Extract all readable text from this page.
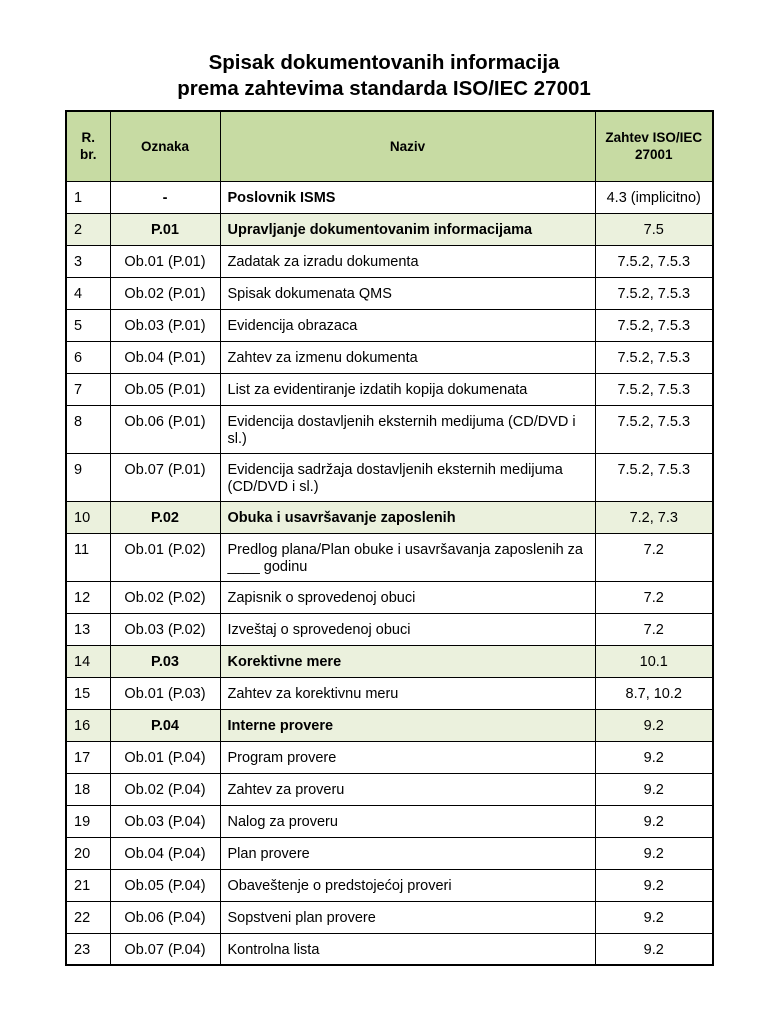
Spisak dokumentovanih informacija
prema zahtevima standarda ISO/IEC 27001
R. br.	Oznaka	Naziv	Zahtev ISO/IEC 27001
1	-	Poslovnik ISMS	4.3 (implicitno)
2	P.01	Upravljanje dokumentovanim informacijama	7.5
3	Ob.01 (P.01)	Zadatak za izradu dokumenta	7.5.2, 7.5.3
4	Ob.02 (P.01)	Spisak dokumenata QMS	7.5.2, 7.5.3
5	Ob.03 (P.01)	Evidencija obrazaca	7.5.2, 7.5.3
6	Ob.04 (P.01)	Zahtev za izmenu dokumenta	7.5.2, 7.5.3
7	Ob.05 (P.01)	List za evidentiranje izdatih kopija dokumenata	7.5.2, 7.5.3
8	Ob.06 (P.01)	Evidencija dostavljenih eksternih medijuma (CD/DVD i sl.)	7.5.2, 7.5.3
9	Ob.07 (P.01)	Evidencija sadržaja dostavljenih eksternih medijuma (CD/DVD i sl.)	7.5.2, 7.5.3
10	P.02	Obuka i usavršavanje zaposlenih	7.2, 7.3
11	Ob.01 (P.02)	Predlog plana/Plan obuke i usavršavanja zaposlenih za ____ godinu	7.2
12	Ob.02 (P.02)	Zapisnik o sprovedenoj obuci	7.2
13	Ob.03 (P.02)	Izveštaj o sprovedenoj obuci	7.2
14	P.03	Korektivne mere	10.1
15	Ob.01 (P.03)	Zahtev za korektivnu meru	8.7, 10.2
16	P.04	Interne provere	9.2
17	Ob.01 (P.04)	Program provere	9.2
18	Ob.02 (P.04)	Zahtev za proveru	9.2
19	Ob.03 (P.04)	Nalog za proveru	9.2
20	Ob.04 (P.04)	Plan provere	9.2
21	Ob.05 (P.04)	Obaveštenje o predstojećoj proveri	9.2
22	Ob.06 (P.04)	Sopstveni plan provere	9.2
23	Ob.07 (P.04)	Kontrolna lista	9.2
